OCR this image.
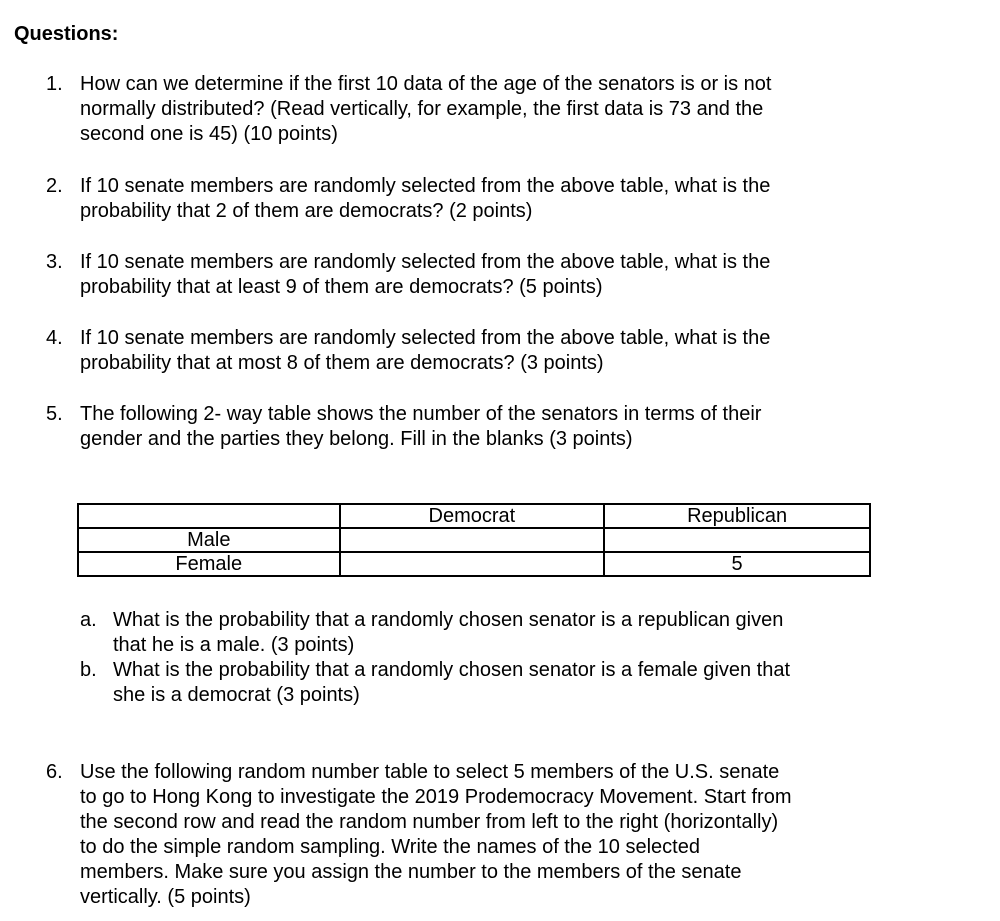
Questions:
1. How can we determine if the first 10 data of the age of the senators is or is not
normally distributed? (Read vertically, for example, the first data is 73 and the
second one is 45) (10 points)
2. If 10 senate members are randomly selected from the above table, what is the
probability that 2 of them are democrats? (2 points)
3. If 10 senate members are randomly selected from the above table, what is the
probability that at least 9 of them are democrats? (5 points)
4. If 10 senate members are randomly selected from the above table, what is the
probability that at most 8 of them are democrats? (3 points)
5. The following 2- way table shows the number of the senators in terms of their
gender and the parties they belong. Fill in the blanks (3 points)
	Democrat	Republican
Male		
Female		5
a. What is the probability that a randomly chosen senator is a republican given
that he is a male. (3 points)
b. What is the probability that a randomly chosen senator is a female given that
she is a democrat (3 points)
6. Use the following random number table to select 5 members of the U.S. senate
to go to Hong Kong to investigate the 2019 Prodemocracy Movement. Start from
the second row and read the random number from left to the right (horizontally)
to do the simple random sampling. Write the names of the 10 selected
members. Make sure you assign the number to the members of the senate
vertically. (5 points)
